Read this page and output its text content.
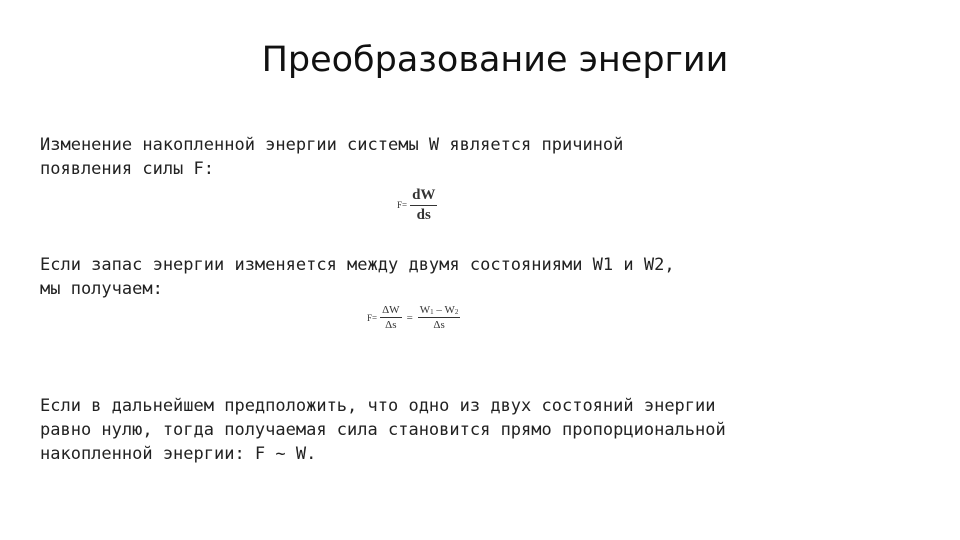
Преобразование энергии
Изменение накопленной энергии системы W является причиной
появления силы F:
$F= \frac{dW}{ds}$
Если запас энергии изменяется между двумя состояниями W1 и W2,
мы получаем:
$F= \frac{\Delta W}{\Delta s} = \frac{W1 - W2}{\Delta s}$
Если в дальнейшем предположить, что одно из двух состояний энергии
равно нулю, тогда получаемая сила становится прямо пропорциональной
накопленной энергии: F ~ W.
